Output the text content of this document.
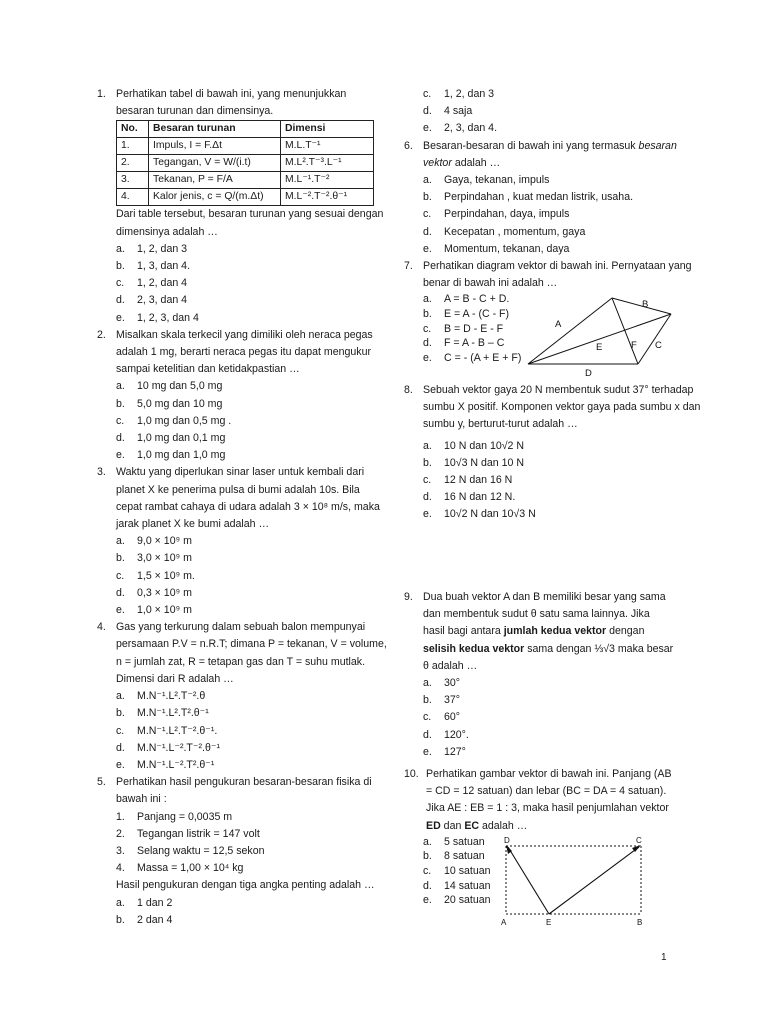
1. Perhatikan tabel di bawah ini, yang menunjukkan besaran turunan dan dimensinya.
No.	Besaran turunan	Dimensi
1.	Impuls, I = F.Δt	M.L.T⁻¹
2.	Tegangan, V = W/(i.t)	M.L².T⁻³.L⁻¹
3.	Tekanan, P = F/A	M.L⁻¹.T⁻²
4.	Kalor jenis, c = Q/(m.Δt)	M.L⁻².T⁻².θ⁻¹
Dari table tersebut, besaran turunan yang sesuai dengan dimensinya adalah …
a. 1, 2, dan 3
b. 1, 3, dan 4.
c. 1, 2, dan 4
d. 2, 3, dan 4
e. 1, 2, 3, dan 4
2. Misalkan skala terkecil yang dimiliki oleh neraca pegas adalah 1 mg, berarti neraca pegas itu dapat mengukur sampai ketelitian dan ketidakpastian …
a. 10 mg dan 5,0 mg
b. 5,0 mg dan 10 mg
c. 1,0 mg dan 0,5 mg .
d. 1,0 mg dan 0,1 mg
e. 1,0 mg dan 1,0 mg
3. Waktu yang diperlukan sinar laser untuk kembali dari planet X ke penerima pulsa di bumi adalah 10s. Bila cepat rambat cahaya di udara adalah 3 × 10⁸ m/s, maka jarak planet X ke bumi adalah …
a. 9,0 × 10⁹ m
b. 3,0 × 10⁹ m
c. 1,5 × 10⁹ m.
d. 0,3 × 10⁹ m
e. 1,0 × 10⁹ m
4. Gas yang terkurung dalam sebuah balon mempunyai persamaan P.V = n.R.T; dimana P = tekanan, V = volume, n = jumlah zat, R = tetapan gas dan T = suhu mutlak. Dimensi dari R adalah …
a. M.N⁻¹.L².T⁻².θ
b. M.N⁻¹.L².T².θ⁻¹
c. M.N⁻¹.L².T⁻².θ⁻¹.
d. M.N⁻¹.L⁻².T⁻².θ⁻¹
e. M.N⁻¹.L⁻².T².θ⁻¹
5. Perhatikan hasil pengukuran besaran-besaran fisika di bawah ini :
1. Panjang = 0,0035 m
2. Tegangan listrik = 147 volt
3. Selang waktu = 12,5 sekon
4. Massa = 1,00 × 10⁴ kg
Hasil pengukuran dengan tiga angka penting adalah …
a. 1 dan 2
b. 2 dan 4
c. 1, 2, dan 3
d. 4 saja
e. 2, 3, dan 4.
6. Besaran-besaran di bawah ini yang termasuk besaran vektor adalah …
a. Gaya, tekanan, impuls
b. Perpindahan , kuat medan listrik, usaha.
c. Perpindahan, daya, impuls
d. Kecepatan , momentum, gaya
e. Momentum, tekanan, daya
7. Perhatikan diagram vektor di bawah ini. Pernyataan yang benar di bawah ini adalah …
a. A = B - C + D.
b. E = A - (C - F)
c. B = D - E - F
d. F = A - B – C
e. C = - (A + E + F)
A
B
C
D
E	F
8. Sebuah vektor gaya 20 N membentuk sudut 37° terhadap sumbu X positif. Komponen vektor gaya pada sumbu x dan sumbu y, berturut-turut adalah …
a. 10 N dan 10√2 N
b. 10√3 N dan 10 N
c. 12 N dan 16 N
d. 16 N dan 12 N.
e. 10√2 N dan 10√3 N
9. Dua buah vektor A dan B memiliki besar yang sama dan membentuk sudut θ satu sama lainnya. Jika hasil bagi antara jumlah kedua vektor dengan selisih kedua vektor sama dengan ⅓√3 maka besar θ adalah …
a. 30°
b. 37°
c. 60°
d. 120°.
e. 127°
10. Perhatikan gambar vektor di bawah ini. Panjang (AB = CD = 12 satuan) dan lebar (BC = DA = 4 satuan). Jika AE : EB = 1 : 3, maka hasil penjumlahan vektor ED dan EC adalah …
a. 5 satuan
b. 8 satuan
c. 10 satuan
d. 14 satuan
e. 20 satuan
A	B
C
D
E
1
